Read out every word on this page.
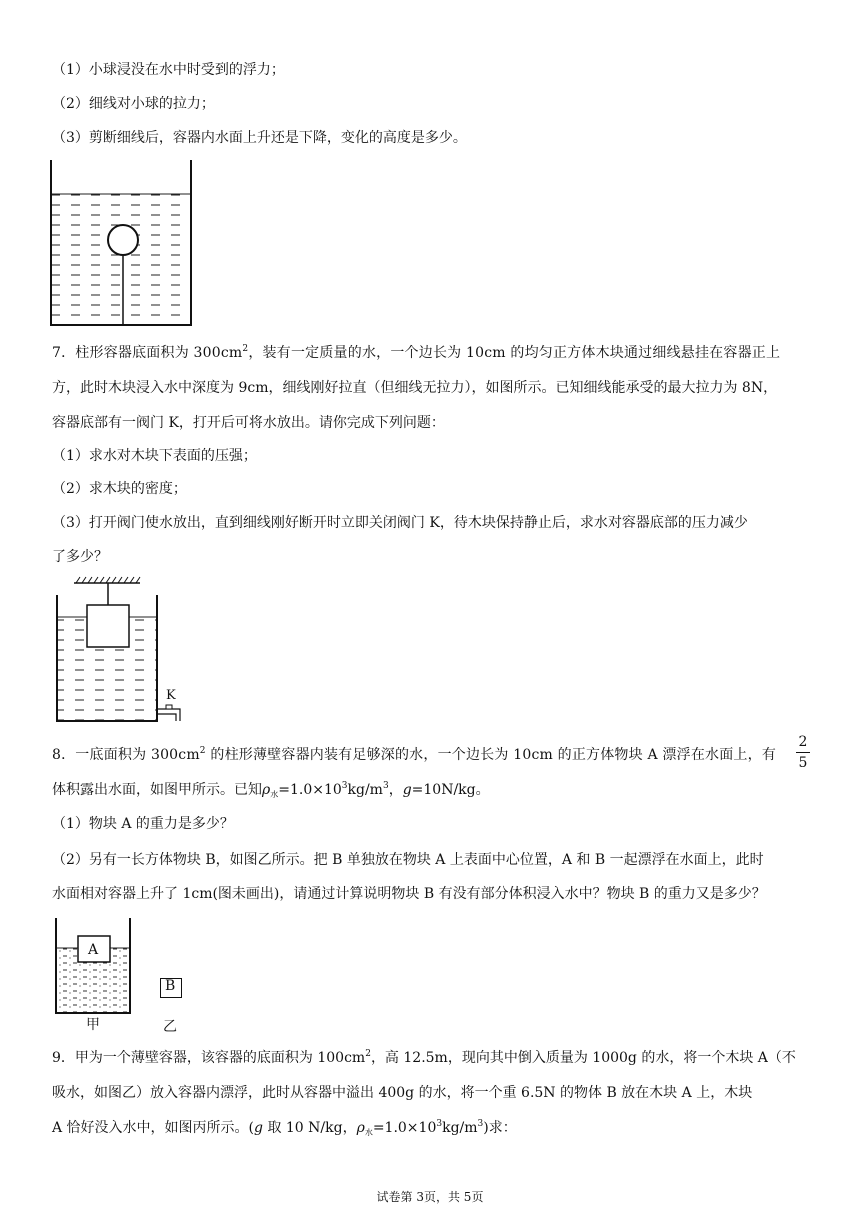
（1）小球浸没在水中时受到的浮力；
（2）细线对小球的拉力；
（3）剪断细线后，容器内水面上升还是下降，变化的高度是多少。
7．柱形容器底面积为 $300cm^2$，装有一定质量的水，一个边长为 10cm 的均匀正方体木块通过细线悬挂在容器正上
方，此时木块浸入水中深度为 9cm，细线刚好拉直（但细线无拉力），如图所示。已知细线能承受的最大拉力为 8N，
容器底部有一阀门 K，打开后可将水放出。请你完成下列问题：
（1）求水对木块下表面的压强；
（2）求木块的密度；
（3）打开阀门使水放出，直到细线刚好断开时立即关闭阀门 K，待木块保持静止后，求水对容器底部的压力减少
了多少？
K
8．一底面积为 $300cm^2$ 的柱形薄壁容器内装有足够深的水，一个边长为 10cm 的正方体物块 A 漂浮在水面上，有
2
5
体积露出水面，如图甲所示。已知$\rho_水=1.0\times 10^3kg/m^3$，g=10N/kg。
（1）物块 A 的重力是多少？
（2）另有一长方体物块 B，如图乙所示。把 B 单独放在物块 A 上表面中心位置，A 和 B 一起漂浮在水面上，此时
水面相对容器上升了 1cm(图未画出)，请通过计算说明物块 B 有没有部分体积浸入水中？物块 B 的重力又是多少？
A
B
甲	乙
9．甲为一个薄壁容器，该容器的底面积为 $100cm^2$，高 12.5m，现向其中倒入质量为 1000g 的水，将一个木块 A（不
吸水，如图乙）放入容器内漂浮，此时从容器中溢出 400g 的水，将一个重 6.5N 的物体 B 放在木块 A 上，木块
A 恰好没入水中，如图丙所示。(g 取 10 N/kg，$\rho_水=1.0\times 10^3kg/m^3$)求：
试卷第 3页，共 5页
